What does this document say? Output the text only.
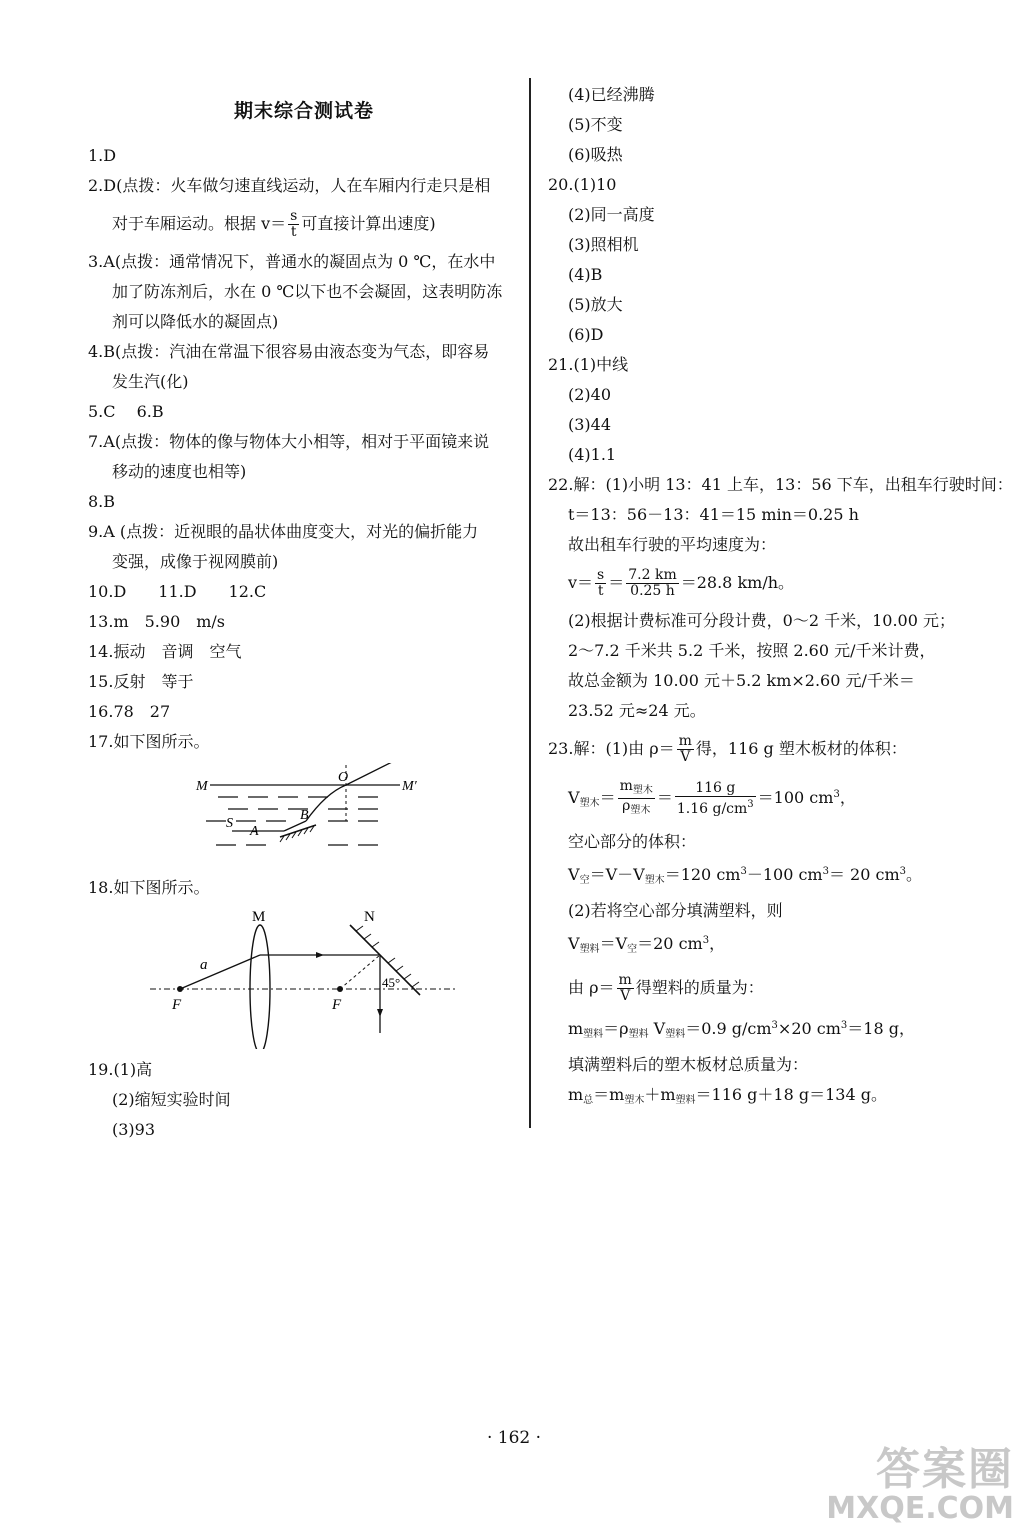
期末综合测试卷
1.D
2.D(点拨：火车做匀速直线运动，人在车厢内行走只是相
对于车厢运动。根据 $v= \frac{s}{t}$ 可直接计算出速度)
3.A(点拨：通常情况下，普通水的凝固点为 0 ℃，在水中
加了防冻剂后，水在 0 ℃以下也不会凝固，这表明防冻
剂可以降低水的凝固点)
4.B(点拨：汽油在常温下很容易由液态变为气态，即容易
发生汽(化)
5.C　 6.B
7.A(点拨：物体的像与物体大小相等，相对于平面镜来说
移动的速度也相等)
8.B
9.A (点拨：近视眼的晶状体曲度变大，对光的偏折能力
变强，成像于视网膜前)
10.D　　11.D　　12.C
13.m　5.90　m/s
14.振动　音调　空气
15.反射　等于
16.78　27
17.如下图所示。
M	M′
O
S
A
B
18.如下图所示。
M
F	F
a
N
45°
19.(1)高
(2)缩短实验时间
(3)93
(4)已经沸腾
(5)不变
(6)吸热
20.(1)10
(2)同一高度
(3)照相机
(4)B
(5)放大
(6)D
21.(1)中线
(2)40
(3)44
(4)1.1
22.解：(1)小明 13：41 上车，13：56 下车，出租车行驶时间：
t＝13：56－13：41＝15 min＝0.25 h
故出租车行驶的平均速度为：
$v= \frac{s}{t} = \frac{7.2 km}{0.25 h} =28.8$ km/h。
(2)根据计费标准可分段计费，0～2 千米，10.00 元；
2～7.2 千米共 5.2 千米，按照 2.60 元/千米计费，
故总金额为 10.00 元＋5.2 km×2.60 元/千米＝
23.52 元≈24 元。
23.解：(1)由 $\rho= \frac{m}{V}$ 得，116 g 塑木板材的体积：
$V_{塑木}= \frac{m_{塑木}}{\rho_{塑木}} = \frac{116 g}{1.16 g/cm^3} =100$ $cm^3$，
空心部分的体积：
$V_空=V-V_{塑木}=120$ $cm^3-100$ $cm^3= 20$ $cm^3$。
(2)若将空心部分填满塑料，则
$V_{塑料}=V_空=20$ $cm^3$，
由 $\rho= \frac{m}{V}$ 得塑料的质量为：
$m_{塑料}=\rho_{塑料}$ $V_{塑料}=0.9$ $g/cm^3\times 20$ $cm^3=18$ g，
填满塑料后的塑木板材总质量为：
$m_总=m_{塑木}+m_{塑料}=116$ g＋18 g＝134 g。
· 162 ·
答案圈
MXQE.COM
